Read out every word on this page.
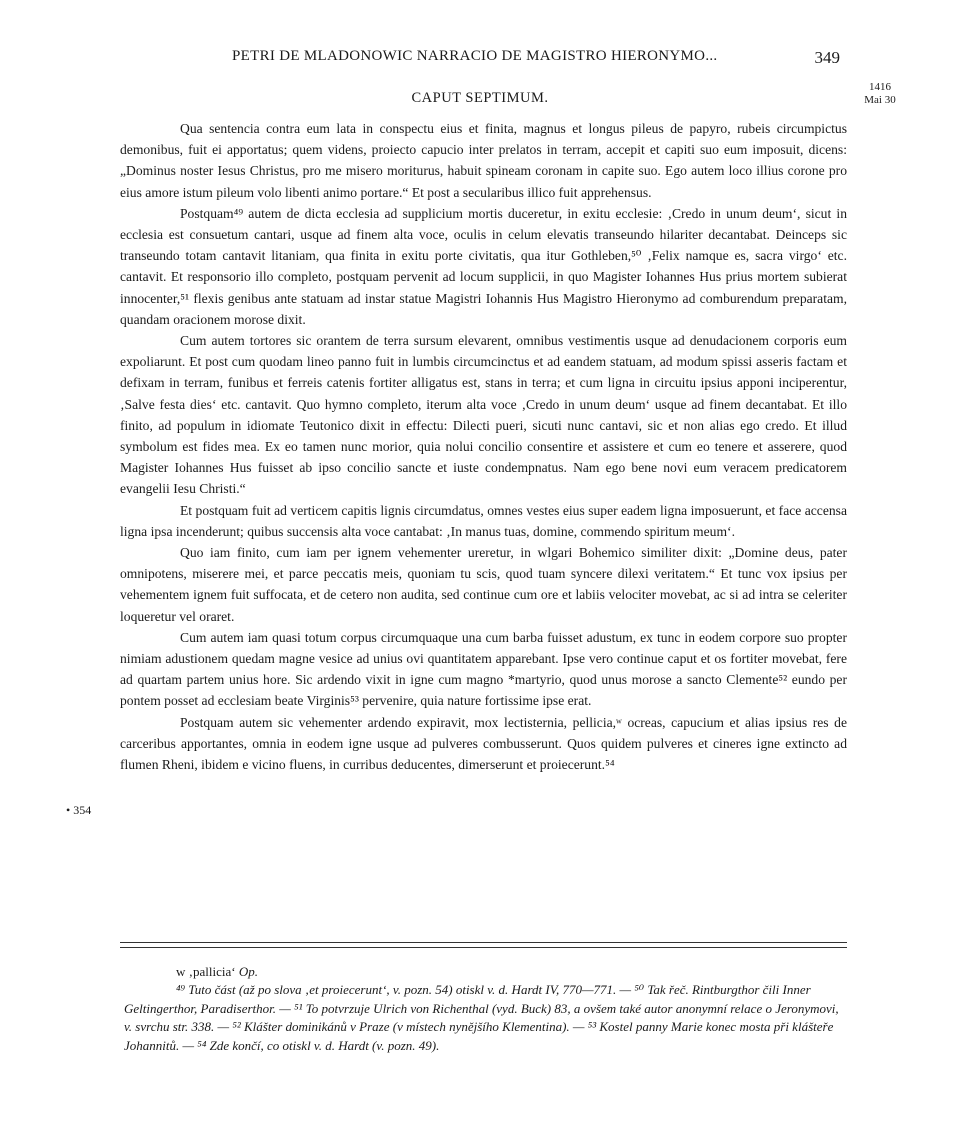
PETRI DE MLADONOWIC NARRACIO DE MAGISTRO HIERONYMO...	349
CAPUT SEPTIMUM.
1416
Mai 30
• 354

Qua sentencia contra eum lata in conspectu eius et finita, magnus et longus pileus de papyro, rubeis circumpictus demonibus, fuit ei apportatus; quem videns, proiecto capucio inter prelatos in terram, accepit et capiti suo eum imposuit, dicens: „Dominus noster Iesus Christus, pro me misero moriturus, habuit spineam coronam in capite suo. Ego autem loco illius corone pro eius amore istum pileum volo libenti animo portare.“ Et post a secularibus illico fuit apprehensus.

Postquam⁴⁹ autem de dicta ecclesia ad supplicium mortis duceretur, in exitu ecclesie: ‚Credo in unum deum‘, sicut in ecclesia est consuetum cantari, usque ad finem alta voce, oculis in celum elevatis transeundo hilariter decantabat. Deinceps sic transeundo totam cantavit litaniam, qua finita in exitu porte civitatis, qua itur Gothleben,⁵⁰ ‚Felix namque es, sacra virgo‘ etc. cantavit. Et responsorio illo completo, postquam pervenit ad locum supplicii, in quo Magister Iohannes Hus prius mortem subierat innocenter,⁵¹ flexis genibus ante statuam ad instar statue Magistri Iohannis Hus Magistro Hieronymo ad comburendum preparatam, quandam oracionem morose dixit.

Cum autem tortores sic orantem de terra sursum elevarent, omnibus vestimentis usque ad denudacionem corporis eum expoliarunt. Et post cum quodam lineo panno fuit in lumbis circumcinctus et ad eandem statuam, ad modum spissi asseris factam et defixam in terram, funibus et ferreis catenis fortiter alligatus est, stans in terra; et cum ligna in circuitu ipsius apponi inciperentur, ‚Salve festa dies‘ etc. cantavit. Quo hymno completo, iterum alta voce ‚Credo in unum deum‘ usque ad finem decantabat. Et illo finito, ad populum in idiomate Teutonico dixit in effectu: Dilecti pueri, sicuti nunc cantavi, sic et non alias ego credo. Et illud symbolum est fides mea. Ex eo tamen nunc morior, quia nolui concilio consentire et assistere et cum eo tenere et asserere, quod Magister Iohannes Hus fuisset ab ipso concilio sancte et iuste condempnatus. Nam ego bene novi eum veracem predicatorem evangelii Iesu Christi.“

Et postquam fuit ad verticem capitis lignis circumdatus, omnes vestes eius super eadem ligna imposuerunt, et face accensa ligna ipsa incenderunt; quibus succensis alta voce cantabat: ‚In manus tuas, domine, commendo spiritum meum‘.

Quo iam finito, cum iam per ignem vehementer ureretur, in wlgari Bohemico similiter dixit: „Domine deus, pater omnipotens, miserere mei, et parce peccatis meis, quoniam tu scis, quod tuam syncere dilexi veritatem.“ Et tunc vox ipsius per vehementem ignem fuit suffocata, et de cetero non audita, sed continue cum ore et labiis velociter movebat, ac si ad intra se celeriter loqueretur vel oraret.

Cum autem iam quasi totum corpus circumquaque una cum barba fuisset adustum, ex tunc in eodem corpore suo propter nimiam adustionem quedam magne vesice ad unius ovi quantitatem apparebant. Ipse vero continue caput et os fortiter movebat, fere ad quartam partem unius hore. Sic ardendo vixit in igne cum magno *martyrio, quod unus morose a sancto Clemente⁵² eundo per pontem posset ad ecclesiam beate Virginis⁵³ pervenire, quia nature fortissime ipse erat.

Postquam autem sic vehementer ardendo expiravit, mox lectisternia, pellicia,ʷ ocreas, capucium et alias ipsius res de carceribus apportantes, omnia in eodem igne usque ad pulveres combusserunt. Quos quidem pulveres et cineres igne extincto ad flumen Rheni, ibidem e vicino fluens, in curribus deducentes, dimerserunt et proiecerunt.⁵⁴

w ‚pallicia‘ Op.

⁴⁹ Tuto část (až po slova ‚et proiecerunt‘, v. pozn. 54) otiskl v. d. Hardt IV, 770—771. — ⁵⁰ Tak řeč. Rintburgthor čili Inner Geltingerthor, Paradiserthor. — ⁵¹ To potvrzuje Ulrich von Richenthal (vyd. Buck) 83, a ovšem také autor anonymní relace o Jeronymovi, v. svrchu str. 338. — ⁵² Klášter dominikánů v Praze (v místech nynějšího Klementina). — ⁵³ Kostel panny Marie konec mosta při klášteře Johannitů. — ⁵⁴ Zde končí, co otiskl v. d. Hardt (v. pozn. 49).
